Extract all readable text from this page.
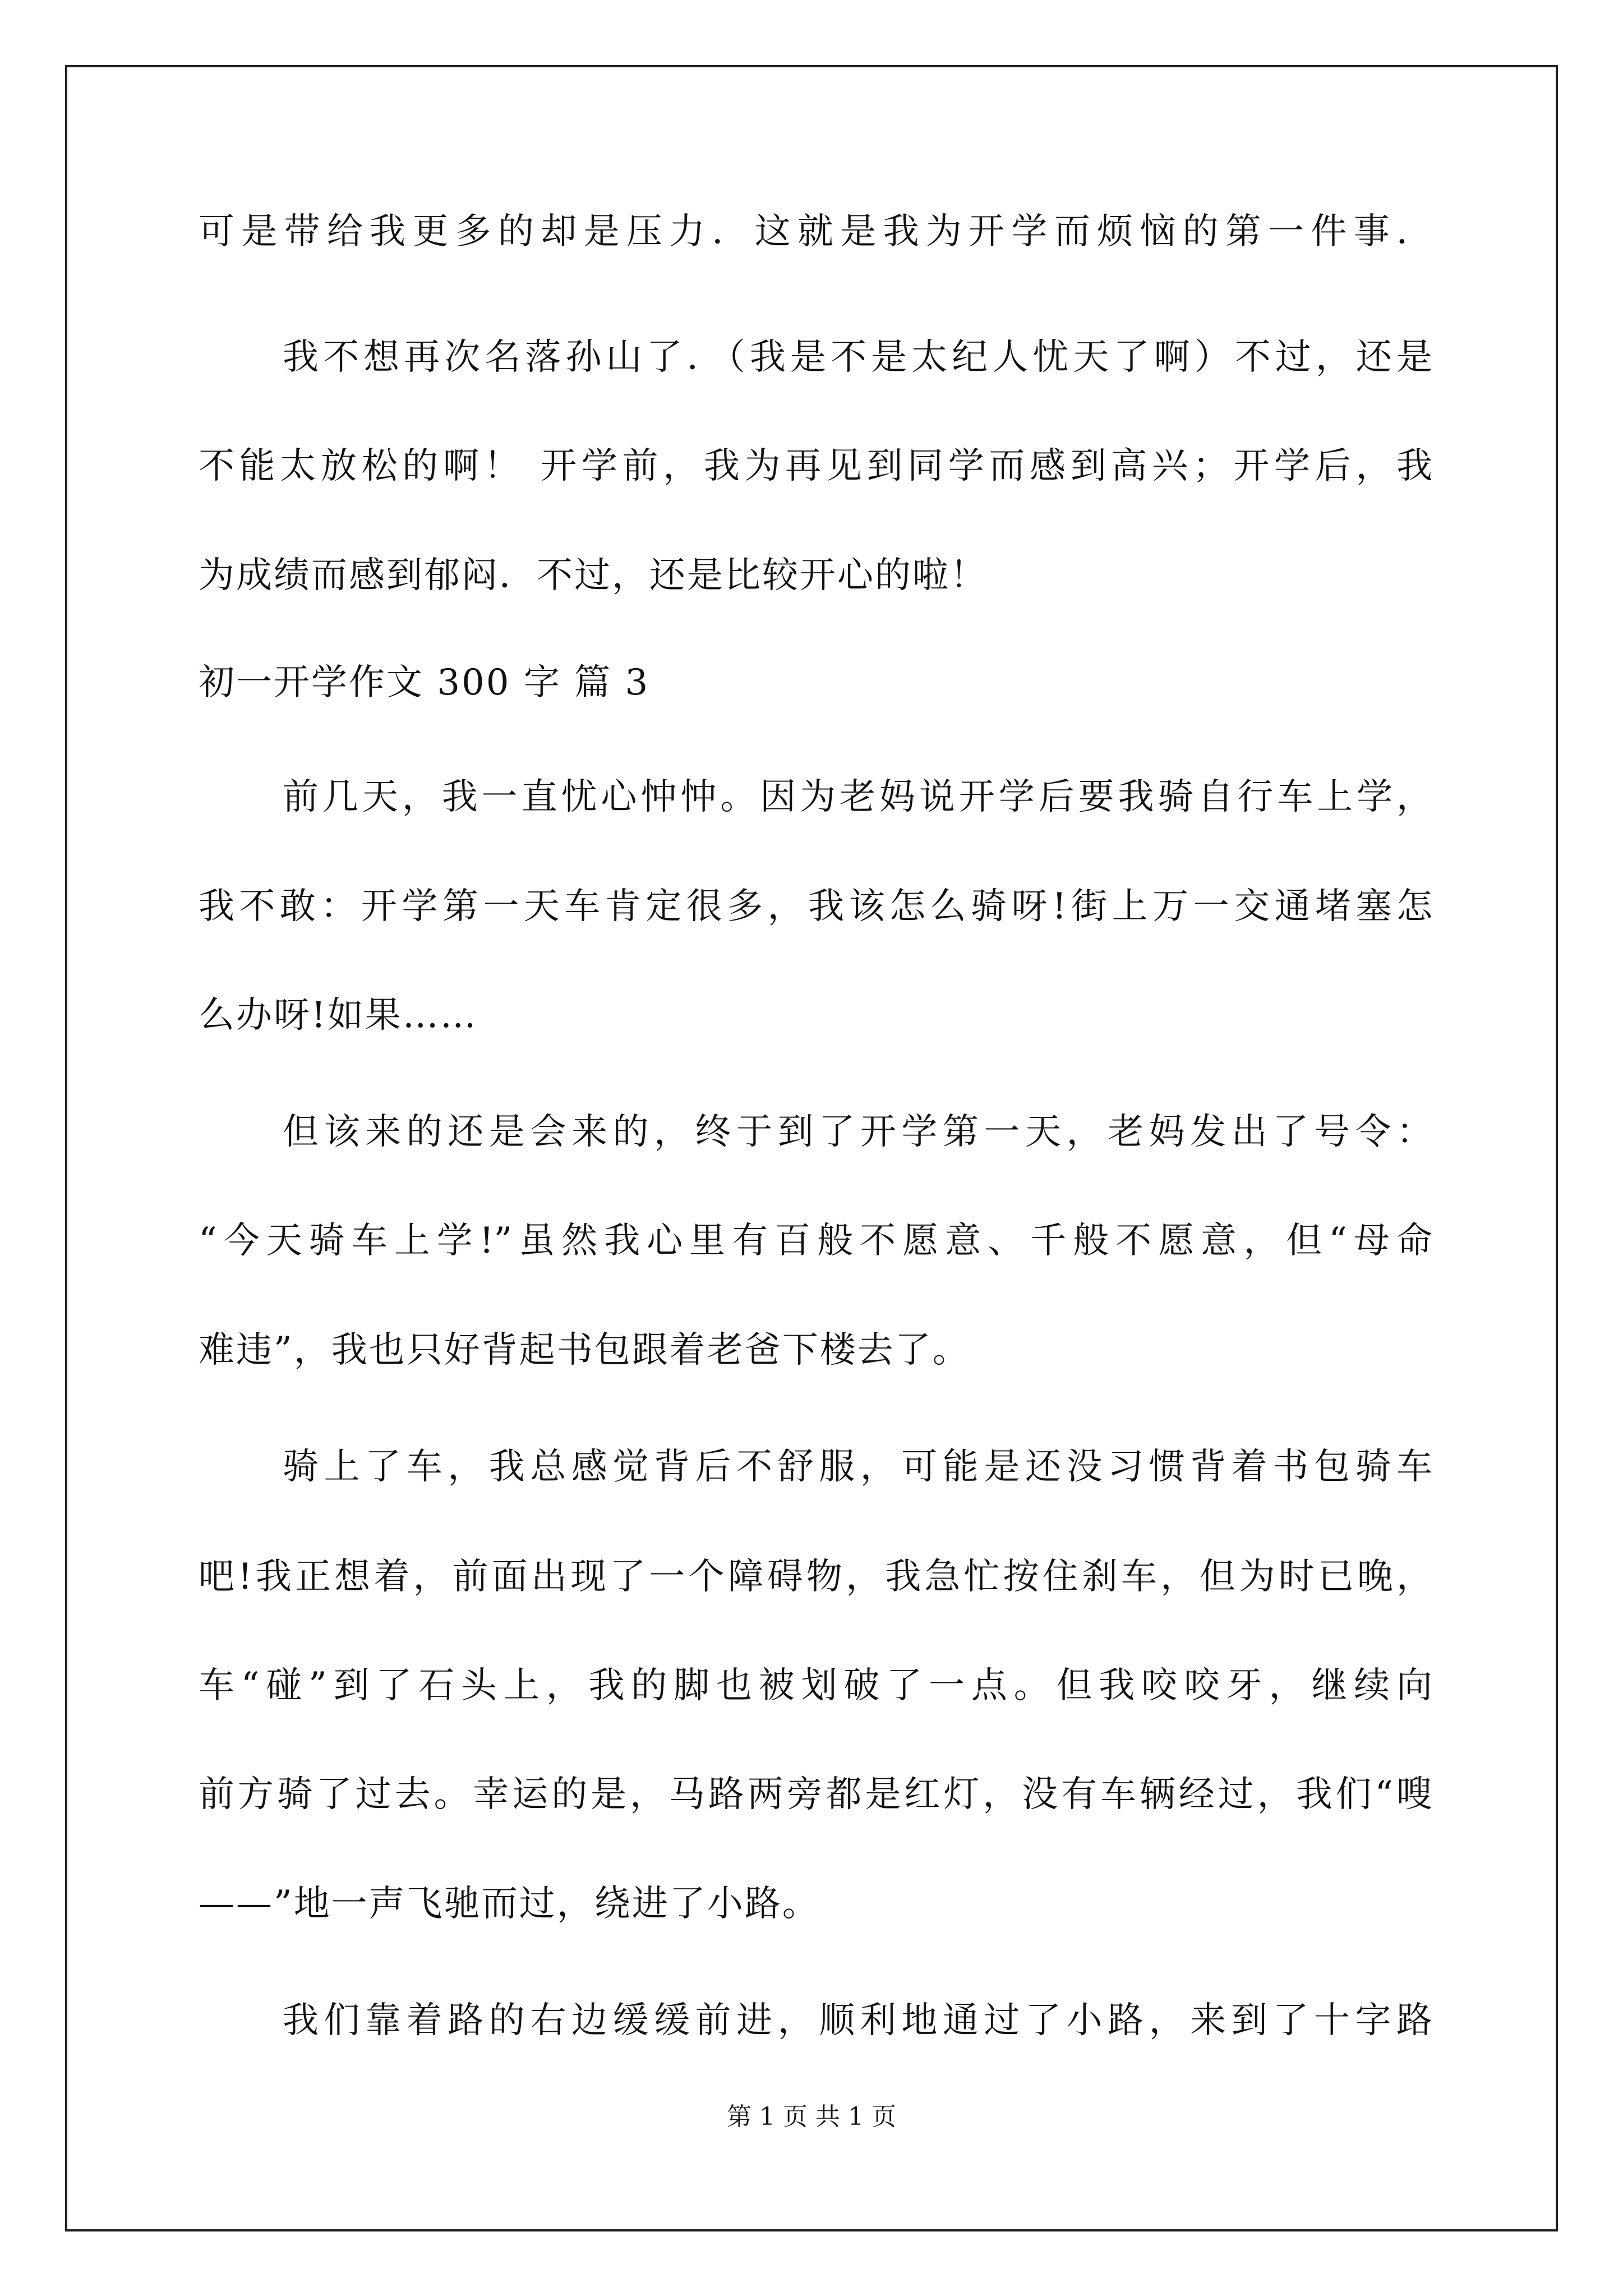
可是带给我更多的却是压力．这就是我为开学而烦恼的第一件事．
我不想再次名落孙山了．（我是不是太纪人忧天了啊）不过，还是
不能太放松的啊！ 开学前，我为再见到同学而感到高兴；开学后，我
为成绩而感到郁闷．不过，还是比较开心的啦！
初一开学作文 300 字 篇 3
前几天，我一直忧心忡忡。因为老妈说开学后要我骑自行车上学，
我不敢：开学第一天车肯定很多，我该怎么骑呀!街上万一交通堵塞怎
么办呀!如果……
但该来的还是会来的，终于到了开学第一天，老妈发出了号令：
“今天骑车上学!”虽然我心里有百般不愿意、千般不愿意，但“母命
难违”，我也只好背起书包跟着老爸下楼去了。
骑上了车，我总感觉背后不舒服，可能是还没习惯背着书包骑车
吧!我正想着，前面出现了一个障碍物，我急忙按住刹车，但为时已晚，
车“碰”到了石头上，我的脚也被划破了一点。但我咬咬牙，继续向
前方骑了过去。幸运的是，马路两旁都是红灯，没有车辆经过，我们“嗖
——”地一声飞驰而过，绕进了小路。
我们靠着路的右边缓缓前进，顺利地通过了小路，来到了十字路
第 1 页 共 1 页
